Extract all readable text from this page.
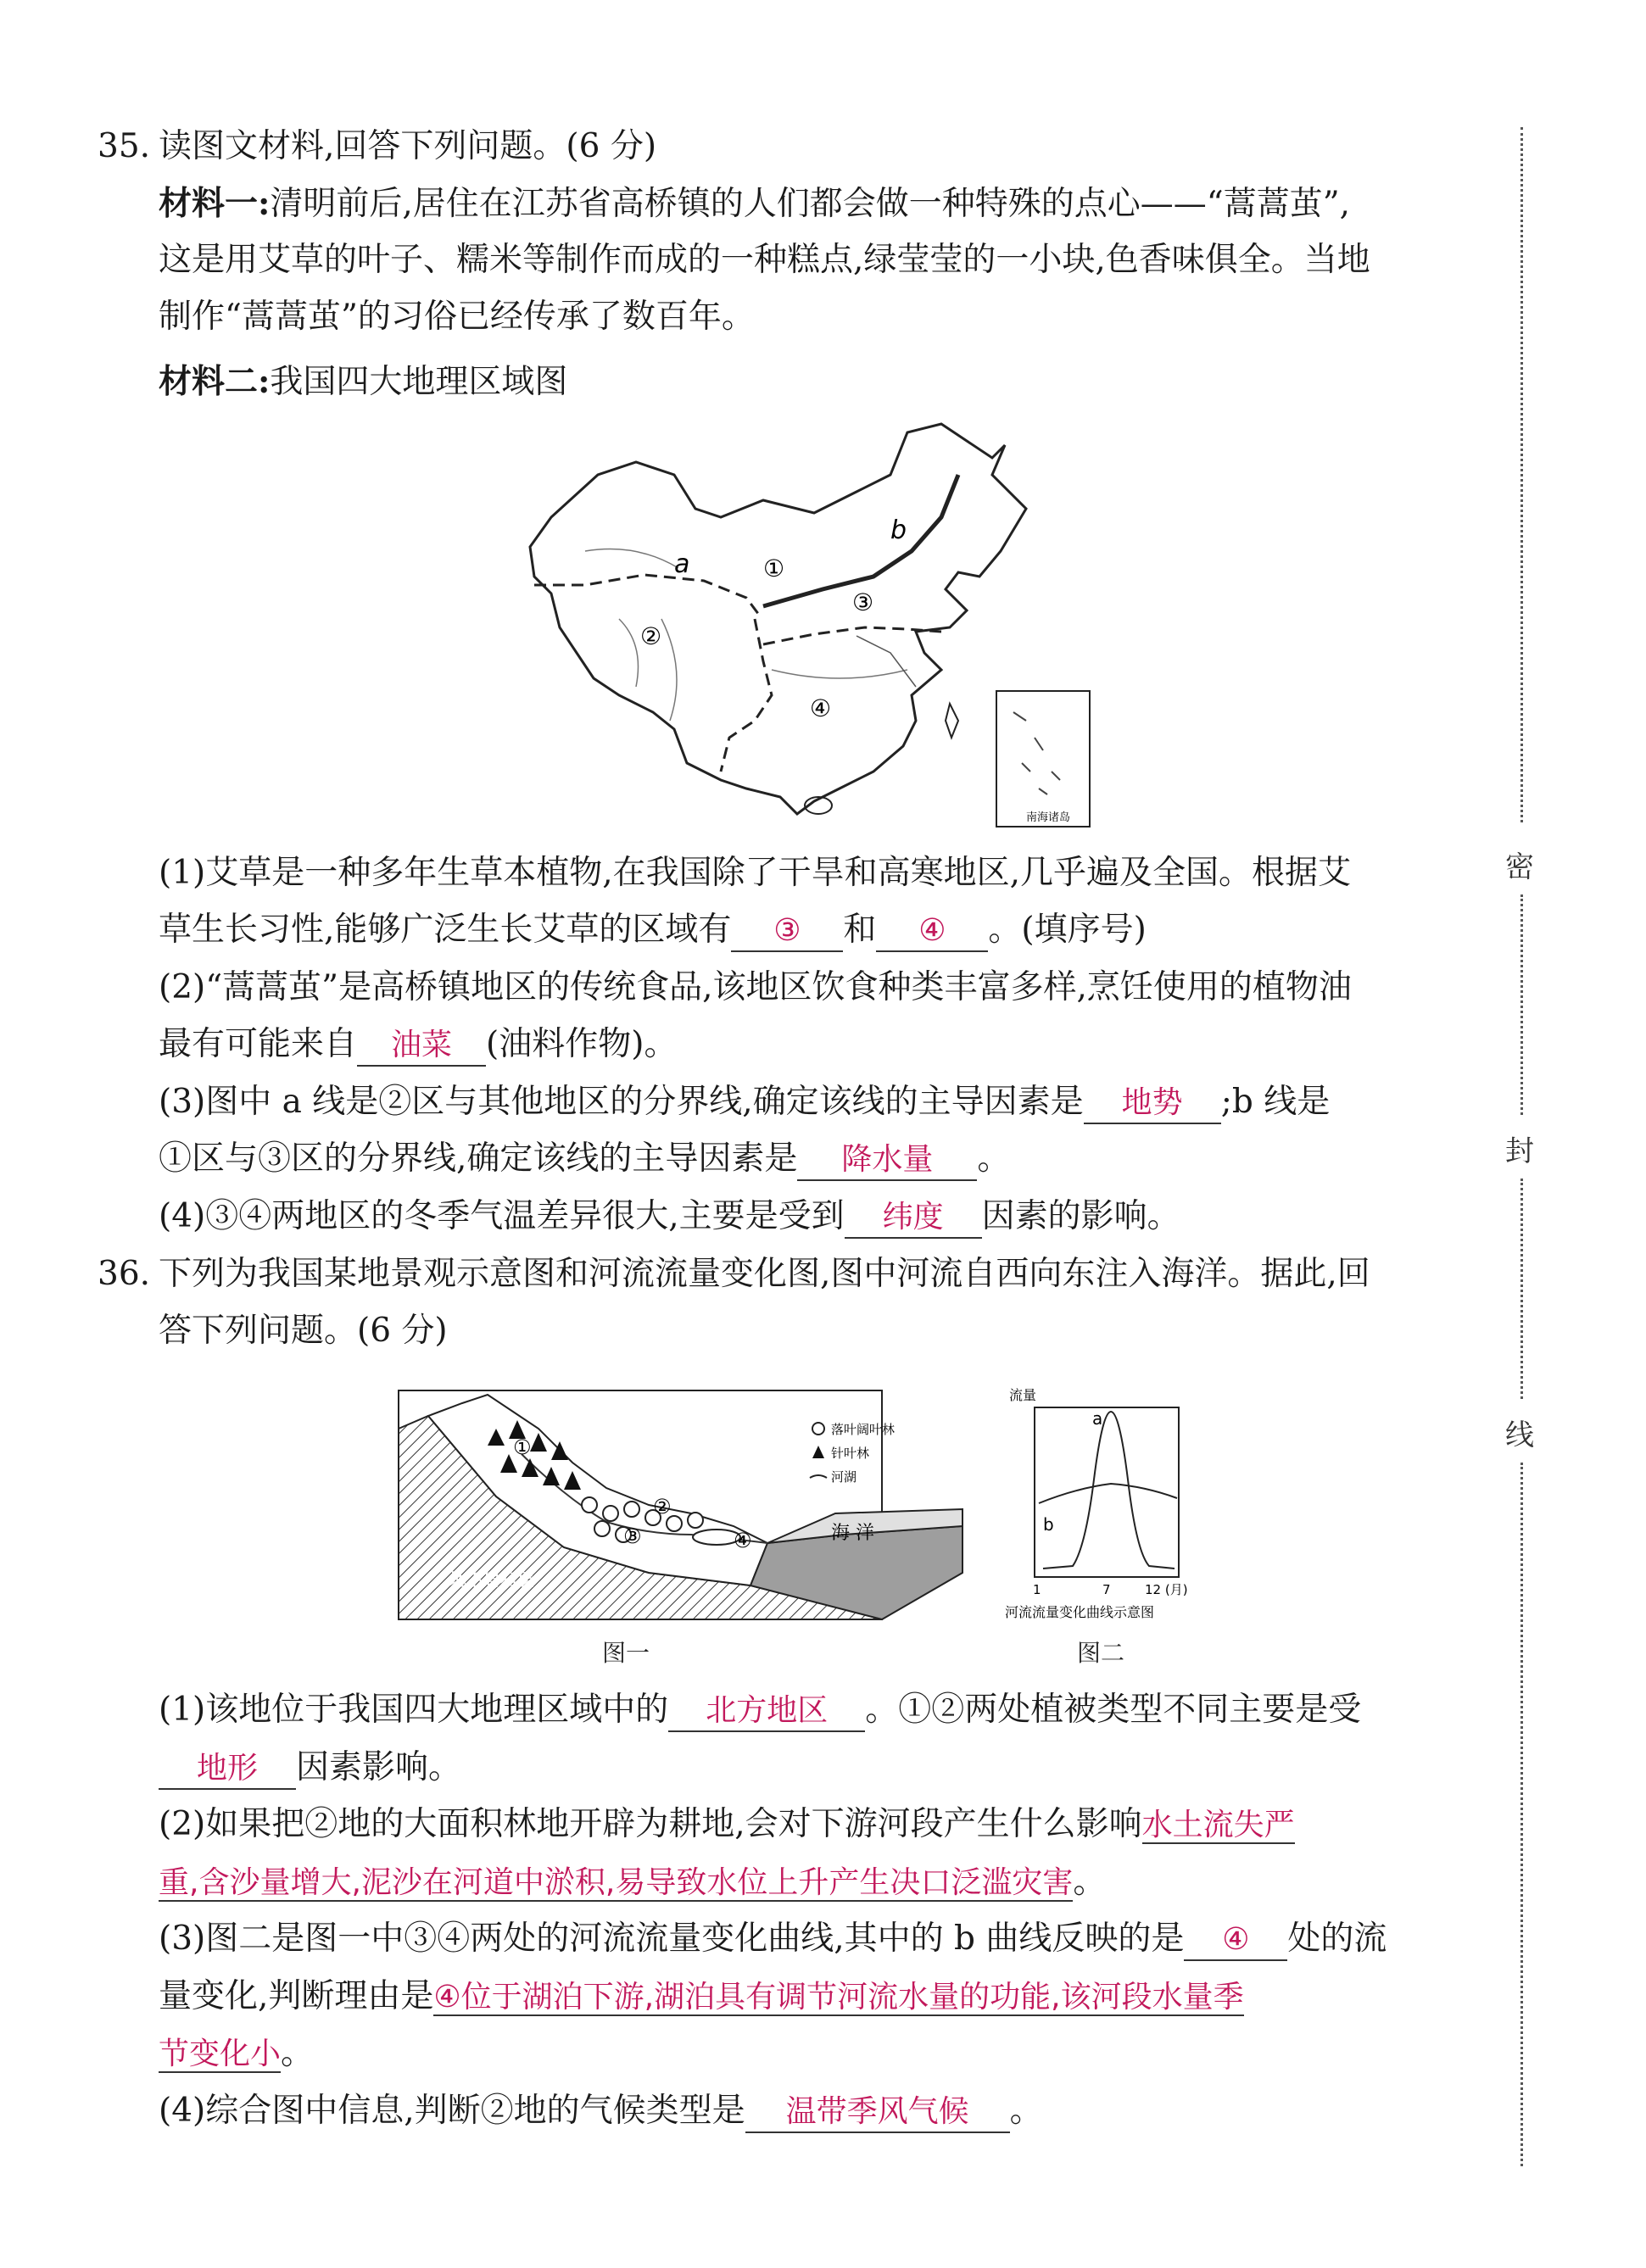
密
封
线
35. 读图文材料,回答下列问题。(6 分)
材料一:清明前后,居住在江苏省高桥镇的人们都会做一种特殊的点心——“蒿蒿茧”,
这是用艾草的叶子、糯米等制作而成的一种糕点,绿莹莹的一小块,色香味俱全。当地
制作“蒿蒿茧”的习俗已经传承了数百年。
材料二:我国四大地理区域图
a
b
①
②
③
④
南海诸岛
(1)艾草是一种多年生草本植物,在我国除了干旱和高寒地区,几乎遍及全国。根据艾
草生长习性,能够广泛生长艾草的区域有 ③ 和 ④ 。(填序号)
(2)“蒿蒿茧”是高桥镇地区的传统食品,该地区饮食种类丰富多样,烹饪使用的植物油
最有可能来自 油菜 (油料作物)。
(3)图中 a 线是②区与其他地区的分界线,确定该线的主导因素是 地势 ;b 线是
①区与③区的分界线,确定该线的主导因素是 降水量 。
(4)③④两地区的冬季气温差异很大,主要是受到 纬度 因素的影响。
36. 下列为我国某地景观示意图和河流流量变化图,图中河流自西向东注入海洋。据此,回
答下列问题。(6 分)
①
②
③	④	海 洋
地下岩石层
落叶阔叶林
针叶林
河湖
图一
流量
a
b
1	7	12 (月)
河流流量变化曲线示意图
图二
(1)该地位于我国四大地理区域中的 北方地区 。①②两处植被类型不同主要是受
地形 因素影响。
(2)如果把②地的大面积林地开辟为耕地,会对下游河段产生什么影响水土流失严
重,含沙量增大,泥沙在河道中淤积,易导致水位上升产生决口泛滥灾害。
(3)图二是图一中③④两处的河流流量变化曲线,其中的 b 曲线反映的是 ④ 处的流
量变化,判断理由是④位于湖泊下游,湖泊具有调节河流水量的功能,该河段水量季
节变化小。
(4)综合图中信息,判断②地的气候类型是 温带季风气候 。
